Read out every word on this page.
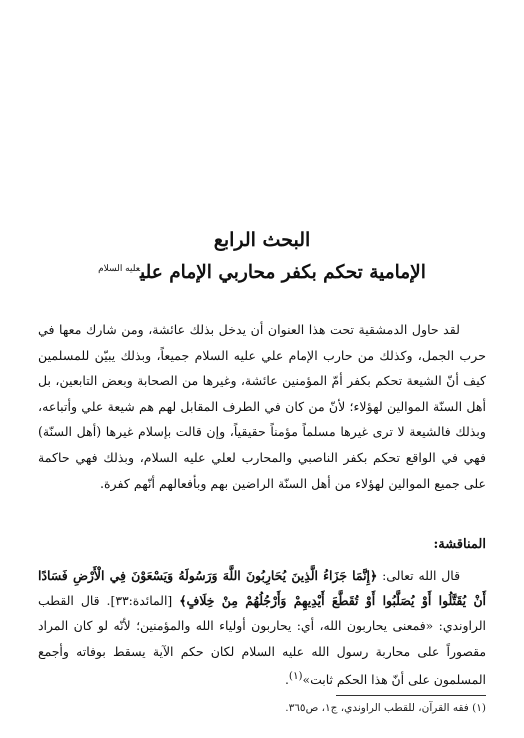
البحث الرابع
الإمامية تحكم بكفر محاربي الإمام علي$^{عليه السلام}$

لقد حاول الدمشقية تحت هذا العنوان أن يدخل بذلك عائشة، ومن شارك معها في حرب الجمل، وكذلك من حارب الإمام علي عليه السلام جميعاً، وبذلك يبيّن للمسلمين كيف أنّ الشيعة تحكم بكفر أمّ المؤمنين عائشة، وغيرها من الصحابة وبعض التابعين، بل أهل السنّة الموالين لهؤلاء؛ لأنّ من كان في الطرف المقابل لهم هم شيعة علي وأتباعه، وبذلك فالشيعة لا ترى غيرها مسلماً مؤمناً حقيقياً، وإن قالت بإسلام غيرها (أهل السنّة) فهي في الواقع تحكم بكفر الناصبي والمحارب لعلي عليه السلام، وبذلك فهي حاكمة على جميع الموالين لهؤلاء من أهل السنّة الراضين بهم وبأفعالهم أنّهم كفرة.

المناقشة:

قال الله تعالى: ﴿إِنَّمَا جَزَاءُ الَّذِينَ يُحَارِبُونَ اللَّهَ وَرَسُولَهُ وَيَسْعَوْنَ فِي الْأَرْضِ فَسَادًا أَنْ يُقَتَّلُوا أَوْ يُصَلَّبُوا أَوْ تُقَطَّعَ أَيْدِيهِمْ وَأَرْجُلُهُمْ مِنْ خِلَافٍ﴾ [المائدة:٣٣]. قال القطب الراوندي: «فمعنى يحاربون الله، أي: يحاربون أولياء الله والمؤمنين؛ لأنّه لو كان المراد مقصوراً على محاربة رسول الله عليه السلام لكان حكم الآية يسقط بوفاته وأجمع المسلمون على أنّ هذا الحكم ثابت»$^{(١)}$.

(١) فقه القرآن، للقطب الراوندي، ج١، ص٣٦٥.
